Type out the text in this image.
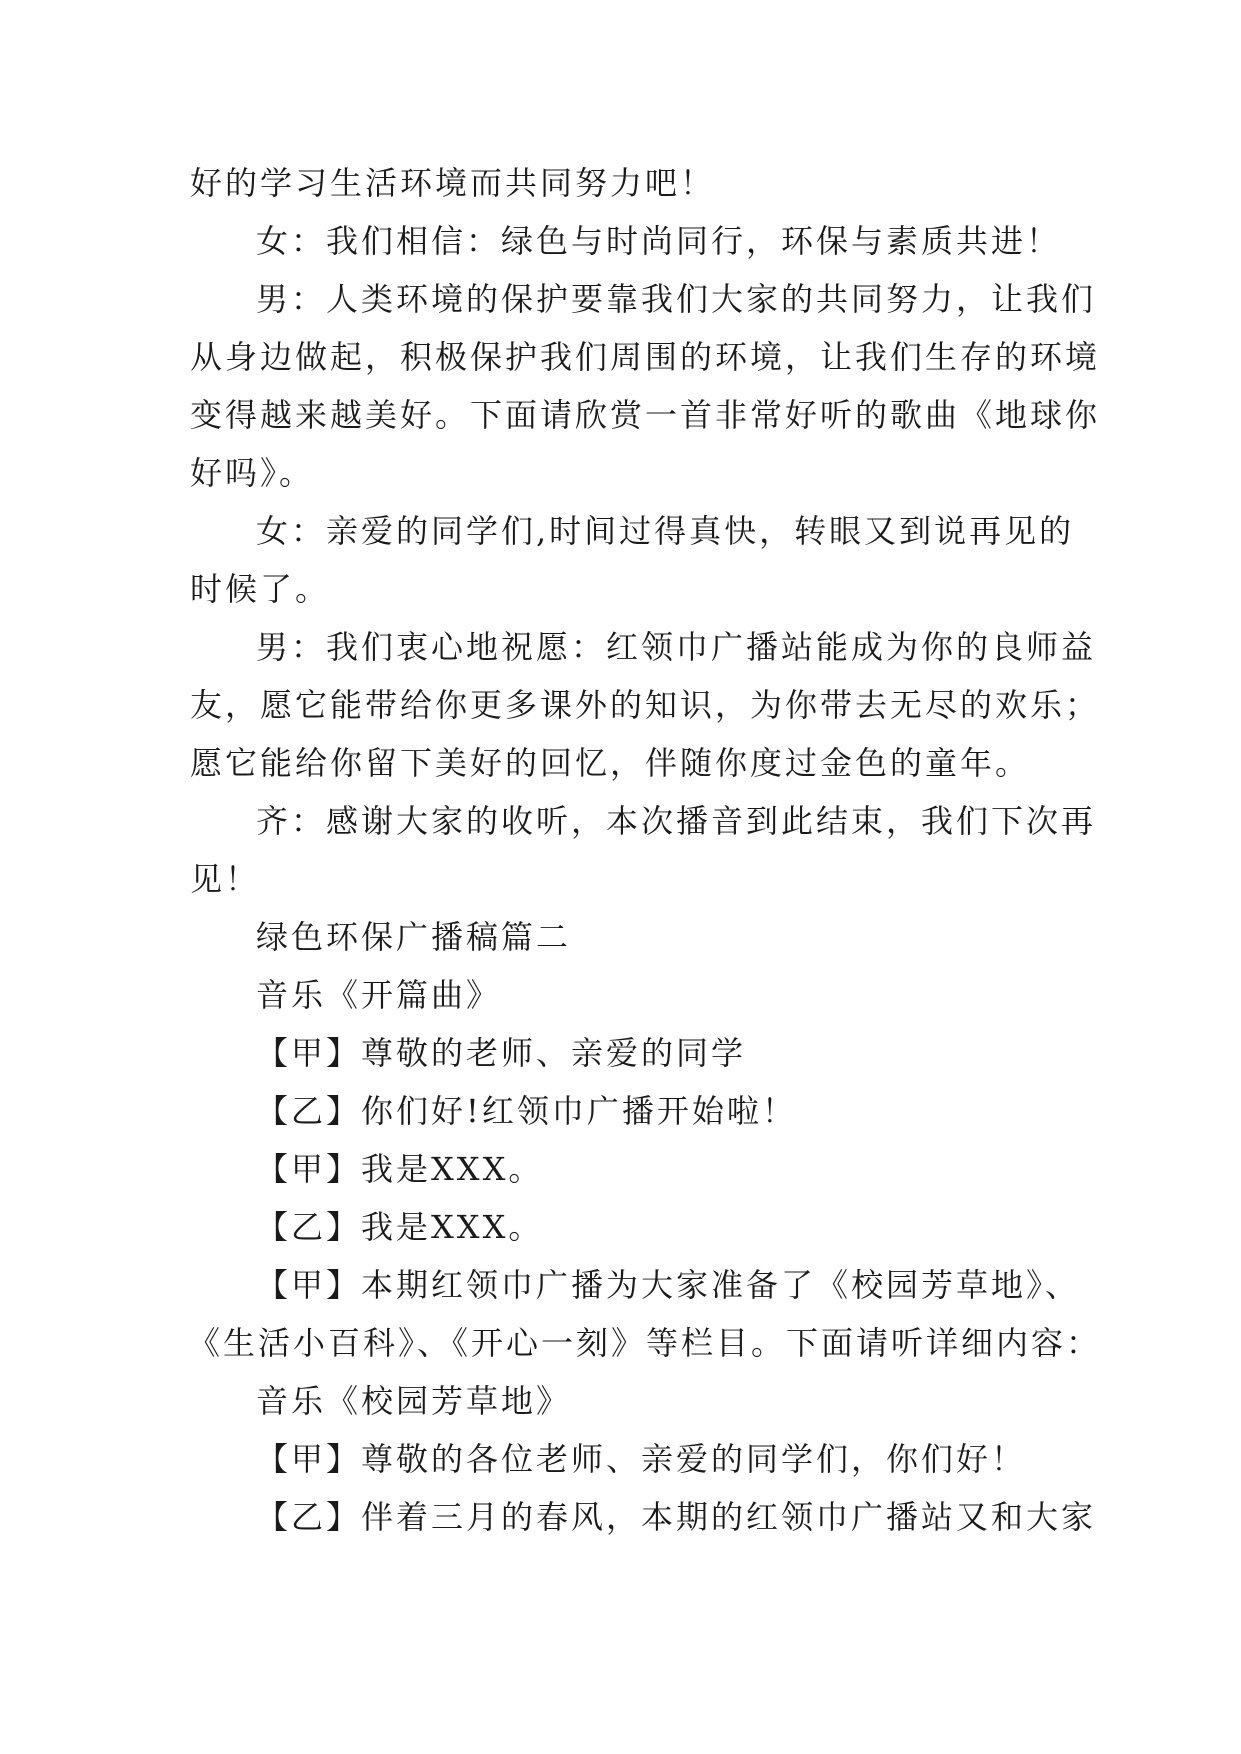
好的学习生活环境而共同努力吧！
女：我们相信：绿色与时尚同行，环保与素质共进！
男：人类环境的保护要靠我们大家的共同努力，让我们
从身边做起，积极保护我们周围的环境，让我们生存的环境
变得越来越美好。下面请欣赏一首非常好听的歌曲《地球你
好吗》。
女：亲爱的同学们,时间过得真快，转眼又到说再见的
时候了。
男：我们衷心地祝愿：红领巾广播站能成为你的良师益
友，愿它能带给你更多课外的知识，为你带去无尽的欢乐；
愿它能给你留下美好的回忆，伴随你度过金色的童年。
齐：感谢大家的收听，本次播音到此结束，我们下次再
见！
绿色环保广播稿篇二
音乐《开篇曲》
【甲】尊敬的老师、亲爱的同学
【乙】你们好!红领巾广播开始啦！
【甲】我是XXX。
【乙】我是XXX。
【甲】本期红领巾广播为大家准备了《校园芳草地》、
《生活小百科》、《开心一刻》等栏目。下面请听详细内容：
音乐《校园芳草地》
【甲】尊敬的各位老师、亲爱的同学们，你们好！
【乙】伴着三月的春风，本期的红领巾广播站又和大家
